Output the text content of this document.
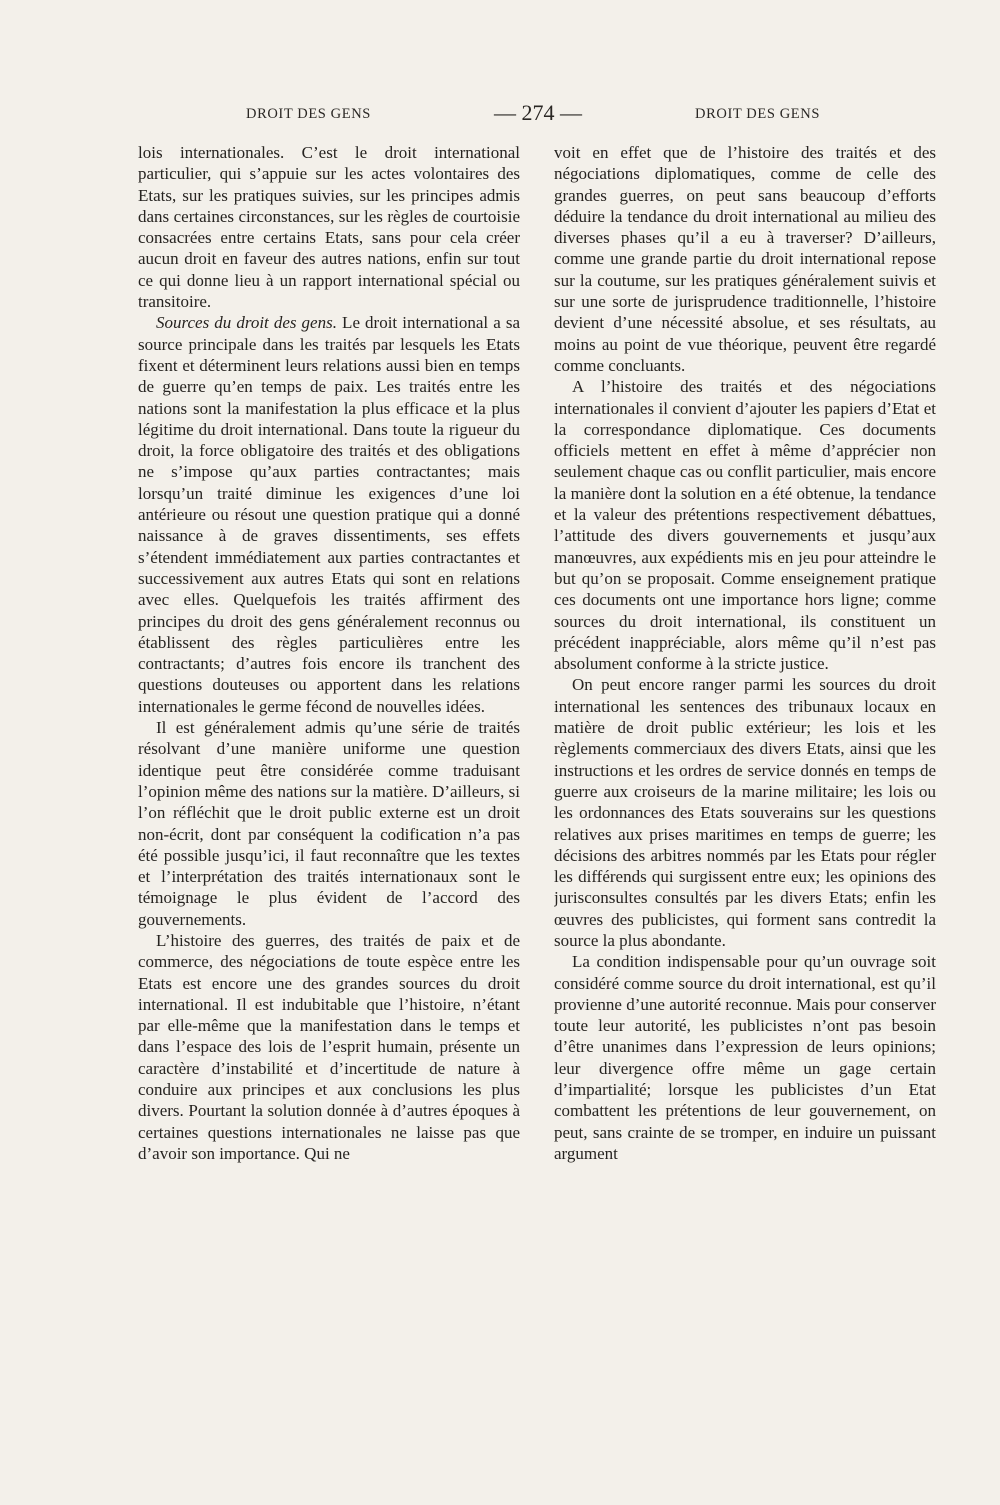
DROIT DES GENS	— 274 —	DROIT DES GENS

lois internationales. C’est le droit international particulier, qui s’appuie sur les actes volontaires des Etats, sur les pratiques suivies, sur les principes admis dans certaines circonstances, sur les règles de courtoisie consacrées entre certains Etats, sans pour cela créer aucun droit en faveur des autres nations, enfin sur tout ce qui donne lieu à un rapport international spécial ou transitoire.

Sources du droit des gens. Le droit international a sa source principale dans les traités par lesquels les Etats fixent et déterminent leurs relations aussi bien en temps de guerre qu’en temps de paix. Les traités entre les nations sont la manifestation la plus efficace et la plus légitime du droit international. Dans toute la rigueur du droit, la force obligatoire des traités et des obligations ne s’impose qu’aux parties contractantes; mais lorsqu’un traité diminue les exigences d’une loi antérieure ou résout une question pratique qui a donné naissance à de graves dissentiments, ses effets s’étendent immédiatement aux parties contractantes et successivement aux autres Etats qui sont en relations avec elles. Quelquefois les traités affirment des principes du droit des gens généralement reconnus ou établissent des règles particulières entre les contractants; d’autres fois encore ils tranchent des questions douteuses ou apportent dans les relations internationales le germe fécond de nouvelles idées.

Il est généralement admis qu’une série de traités résolvant d’une manière uniforme une question identique peut être considérée comme traduisant l’opinion même des nations sur la matière. D’ailleurs, si l’on réfléchit que le droit public externe est un droit non-écrit, dont par conséquent la codification n’a pas été possible jusqu’ici, il faut reconnaître que les textes et l’interprétation des traités internationaux sont le témoignage le plus évident de l’accord des gouvernements.

L’histoire des guerres, des traités de paix et de commerce, des négociations de toute espèce entre les Etats est encore une des grandes sources du droit international. Il est indubitable que l’histoire, n’étant par elle-même que la manifestation dans le temps et dans l’espace des lois de l’esprit humain, présente un caractère d’instabilité et d’incertitude de nature à conduire aux principes et aux conclusions les plus divers. Pourtant la solution donnée à d’autres époques à certaines questions internationales ne laisse pas que d’avoir son importance. Qui ne

voit en effet que de l’histoire des traités et des négociations diplomatiques, comme de celle des grandes guerres, on peut sans beaucoup d’efforts déduire la tendance du droit international au milieu des diverses phases qu’il a eu à traverser? D’ailleurs, comme une grande partie du droit international repose sur la coutume, sur les pratiques généralement suivis et sur une sorte de jurisprudence traditionnelle, l’histoire devient d’une nécessité absolue, et ses résultats, au moins au point de vue théorique, peuvent être regardé comme concluants.

A l’histoire des traités et des négociations internationales il convient d’ajouter les papiers d’Etat et la correspondance diplomatique. Ces documents officiels mettent en effet à même d’apprécier non seulement chaque cas ou conflit particulier, mais encore la manière dont la solution en a été obtenue, la tendance et la valeur des prétentions respectivement débattues, l’attitude des divers gouvernements et jusqu’aux manœuvres, aux expédients mis en jeu pour atteindre le but qu’on se proposait. Comme enseignement pratique ces documents ont une importance hors ligne; comme sources du droit international, ils constituent un précédent inappréciable, alors même qu’il n’est pas absolument conforme à la stricte justice.

On peut encore ranger parmi les sources du droit international les sentences des tribunaux locaux en matière de droit public extérieur; les lois et les règlements commerciaux des divers Etats, ainsi que les instructions et les ordres de service donnés en temps de guerre aux croiseurs de la marine militaire; les lois ou les ordonnances des Etats souverains sur les questions relatives aux prises maritimes en temps de guerre; les décisions des arbitres nommés par les Etats pour régler les différends qui surgissent entre eux; les opinions des jurisconsultes consultés par les divers Etats; enfin les œuvres des publicistes, qui forment sans contredit la source la plus abondante.

La condition indispensable pour qu’un ouvrage soit considéré comme source du droit international, est qu’il provienne d’une autorité reconnue. Mais pour conserver toute leur autorité, les publicistes n’ont pas besoin d’être unanimes dans l’expression de leurs opinions; leur divergence offre même un gage certain d’impartialité; lorsque les publicistes d’un Etat combattent les prétentions de leur gouvernement, on peut, sans crainte de se tromper, en induire un puissant argument
